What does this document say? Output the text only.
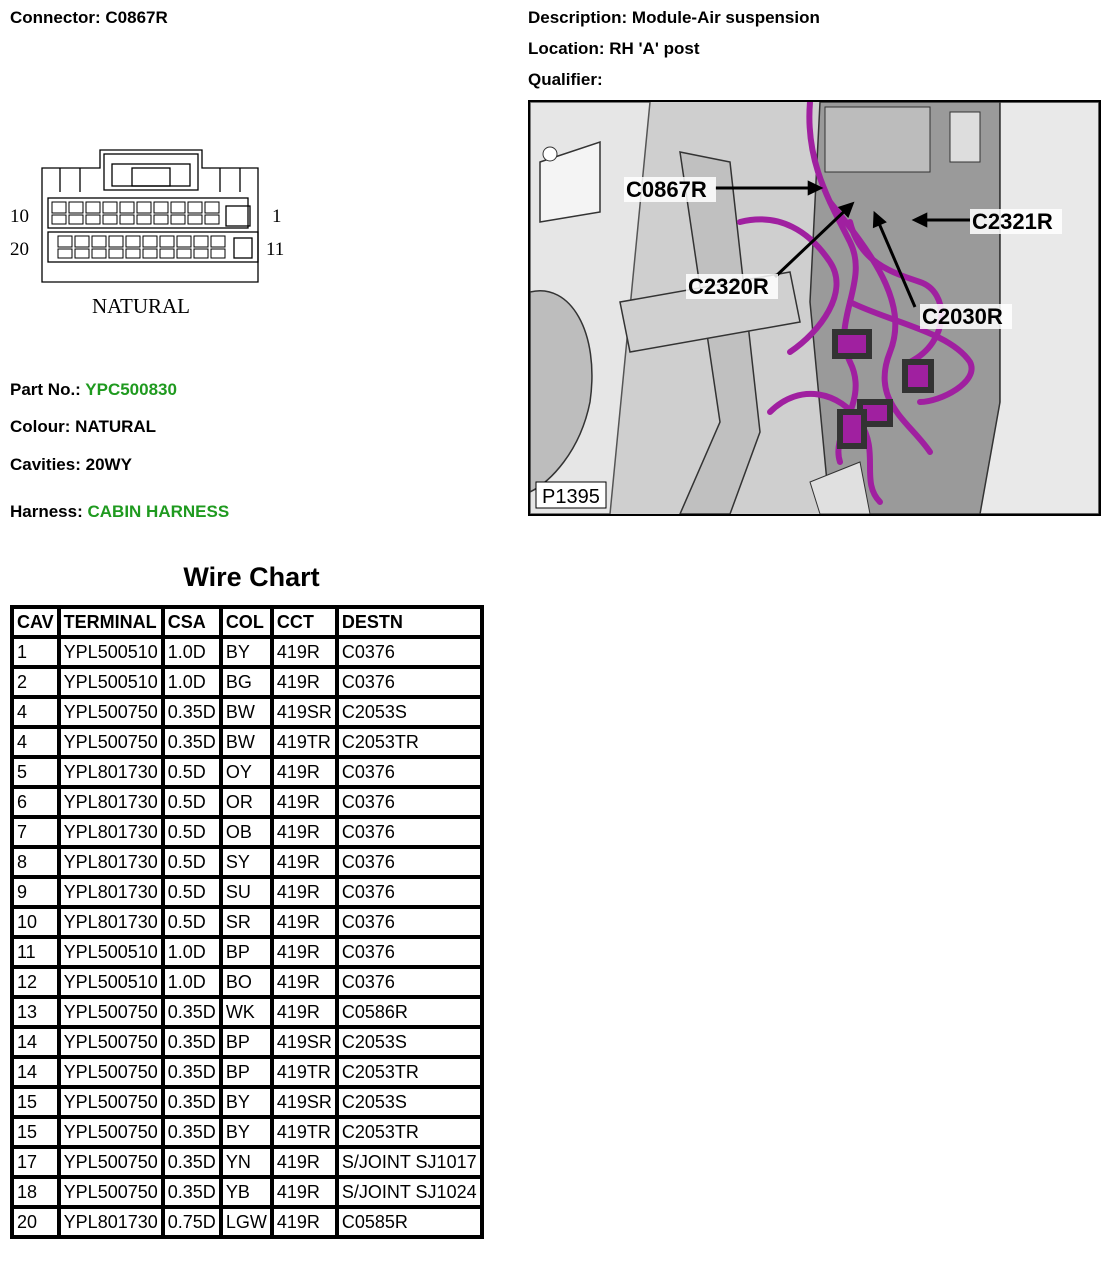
Connector: C0867R	Description: Module-Air suspension
Location: RH 'A' post
Qualifier:
10
20
1
11
NATURAL
Part No.: YPC500830
Colour: NATURAL
Cavities: 20WY
Harness: CABIN HARNESS
Wire Chart
CAV	TERMINAL	CSA	COL	CCT	DESTN
1	YPL500510	1.0D	BY	419R	C0376
2	YPL500510	1.0D	BG	419R	C0376
4	YPL500750	0.35D	BW	419SR	C2053S
4	YPL500750	0.35D	BW	419TR	C2053TR
5	YPL801730	0.5D	OY	419R	C0376
6	YPL801730	0.5D	OR	419R	C0376
7	YPL801730	0.5D	OB	419R	C0376
8	YPL801730	0.5D	SY	419R	C0376
9	YPL801730	0.5D	SU	419R	C0376
10	YPL801730	0.5D	SR	419R	C0376
11	YPL500510	1.0D	BP	419R	C0376
12	YPL500510	1.0D	BO	419R	C0376
13	YPL500750	0.35D	WK	419R	C0586R
14	YPL500750	0.35D	BP	419SR	C2053S
14	YPL500750	0.35D	BP	419TR	C2053TR
15	YPL500750	0.35D	BY	419SR	C2053S
15	YPL500750	0.35D	BY	419TR	C2053TR
17	YPL500750	0.35D	YN	419R	S/JOINT SJ1017
18	YPL500750	0.35D	YB	419R	S/JOINT SJ1024
20	YPL801730	0.75D	LGW	419R	C0585R
C0867R
C2321R
C2320R
C2030R
P1395
